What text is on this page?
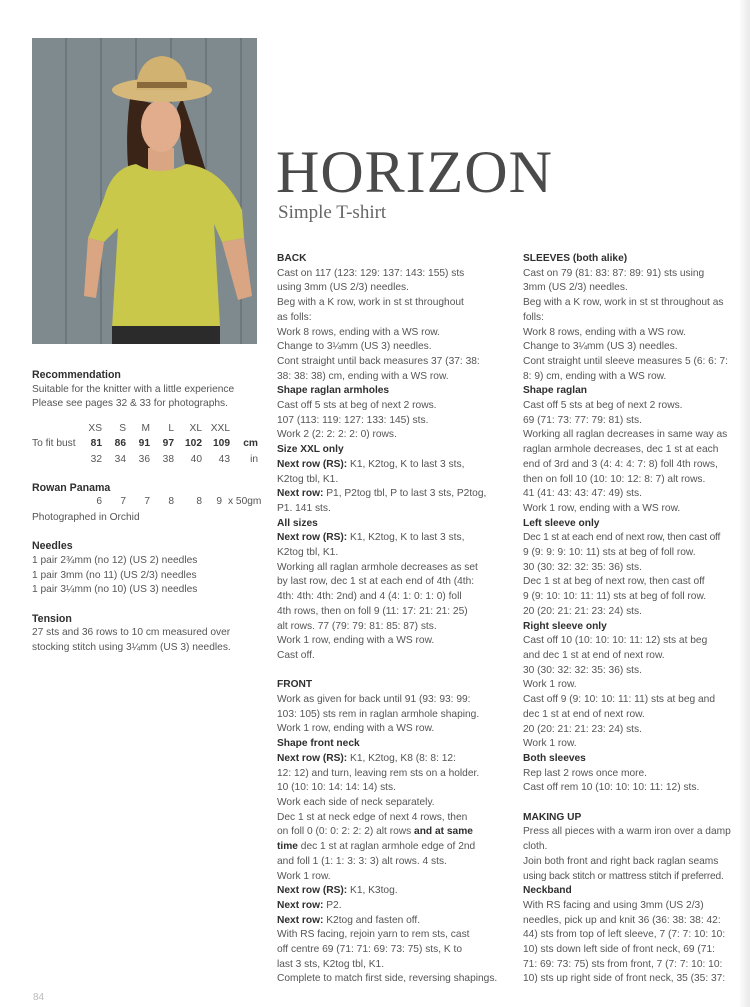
HORIZON
Simple T-shirt

Recommendation

Suitable for the knitter with a little experience

Please see pages 32 & 33 for photographs.

	XS	S	M	L	XL	XXL	
To fit bust	81	86	91	97	102	109	cm
	32	34	36	38	40	43	in

Rowan Panama

	6	7	7	8	8	9	x 50gm

Photographed in Orchid

Needles

1 pair 2¾mm (no 12) (US 2) needles

1 pair 3mm (no 11) (US 2/3) needles

1 pair 3¼mm (no 10) (US 3) needles

Tension

27 sts and 36 rows to 10 cm measured over

stocking stitch using 3¼mm (US 3) needles.

BACK

Cast on 117 (123: 129: 137: 143: 155) sts

using 3mm (US 2/3) needles.

Beg with a K row, work in st st throughout

as folls:

Work 8 rows, ending with a WS row.

Change to 3¼mm (US 3) needles.

Cont straight until back measures 37 (37: 38:

38: 38: 38) cm, ending with a WS row.

Shape raglan armholes

Cast off 5 sts at beg of next 2 rows.

107 (113: 119: 127: 133: 145) sts.

Work 2 (2: 2: 2: 2: 0) rows.

Size XXL only

Next row (RS): K1, K2tog, K to last 3 sts,

K2tog tbl, K1.

Next row: P1, P2tog tbl, P to last 3 sts, P2tog,

P1. 141 sts.

All sizes

Next row (RS): K1, K2tog, K to last 3 sts,

K2tog tbl, K1.

Working all raglan armhole decreases as set

by last row, dec 1 st at each end of 4th (4th:

4th: 4th: 4th: 2nd) and 4 (4: 1: 0: 1: 0) foll

4th rows, then on foll 9 (11: 17: 21: 21: 25)

alt rows. 77 (79: 79: 81: 85: 87) sts.

Work 1 row, ending with a WS row.

Cast off.

FRONT

Work as given for back until 91 (93: 93: 99:

103: 105) sts rem in raglan armhole shaping.

Work 1 row, ending with a WS row.

Shape front neck

Next row (RS): K1, K2tog, K8 (8: 8: 12:

12: 12) and turn, leaving rem sts on a holder.

10 (10: 10: 14: 14: 14) sts.

Work each side of neck separately.

Dec 1 st at neck edge of next 4 rows, then

on foll 0 (0: 0: 2: 2: 2) alt rows and at same

time dec 1 st at raglan armhole edge of 2nd

and foll 1 (1: 1: 3: 3: 3) alt rows. 4 sts.

Work 1 row.

Next row (RS): K1, K3tog.

Next row: P2.

Next row: K2tog and fasten off.

With RS facing, rejoin yarn to rem sts, cast

off centre 69 (71: 71: 69: 73: 75) sts, K to

last 3 sts, K2tog tbl, K1.

Complete to match first side, reversing shapings.

SLEEVES (both alike)

Cast on 79 (81: 83: 87: 89: 91) sts using

3mm (US 2/3) needles.

Beg with a K row, work in st st throughout as

folls:

Work 8 rows, ending with a WS row.

Change to 3¼mm (US 3) needles.

Cont straight until sleeve measures 5 (6: 6: 7:

8: 9) cm, ending with a WS row.

Shape raglan

Cast off 5 sts at beg of next 2 rows.

69 (71: 73: 77: 79: 81) sts.

Working all raglan decreases in same way as

raglan armhole decreases, dec 1 st at each

end of 3rd and 3 (4: 4: 4: 7: 8) foll 4th rows,

then on foll 10 (10: 10: 12: 8: 7) alt rows.

41 (41: 43: 43: 47: 49) sts.

Work 1 row, ending with a WS row.

Left sleeve only

Dec 1 st at each end of next row, then cast off

9 (9: 9: 9: 10: 11) sts at beg of foll row.

30 (30: 32: 32: 35: 36) sts.

Dec 1 st at beg of next row, then cast off

9 (9: 10: 10: 11: 11) sts at beg of foll row.

20 (20: 21: 21: 23: 24) sts.

Right sleeve only

Cast off 10 (10: 10: 10: 11: 12) sts at beg

and dec 1 st at end of next row.

30 (30: 32: 32: 35: 36) sts.

Work 1 row.

Cast off 9 (9: 10: 10: 11: 11) sts at beg and

dec 1 st at end of next row.

20 (20: 21: 21: 23: 24) sts.

Work 1 row.

Both sleeves

Rep last 2 rows once more.

Cast off rem 10 (10: 10: 10: 11: 12) sts.

MAKING UP

Press all pieces with a warm iron over a damp

cloth.

Join both front and right back raglan seams

using back stitch or mattress stitch if preferred.

Neckband

With RS facing and using 3mm (US 2/3)

needles, pick up and knit 36 (36: 38: 38: 42:

44) sts from top of left sleeve, 7 (7: 7: 10: 10:

10) sts down left side of front neck, 69 (71:

71: 69: 73: 75) sts from front, 7 (7: 7: 10: 10:

10) sts up right side of front neck, 35 (35: 37:

84
